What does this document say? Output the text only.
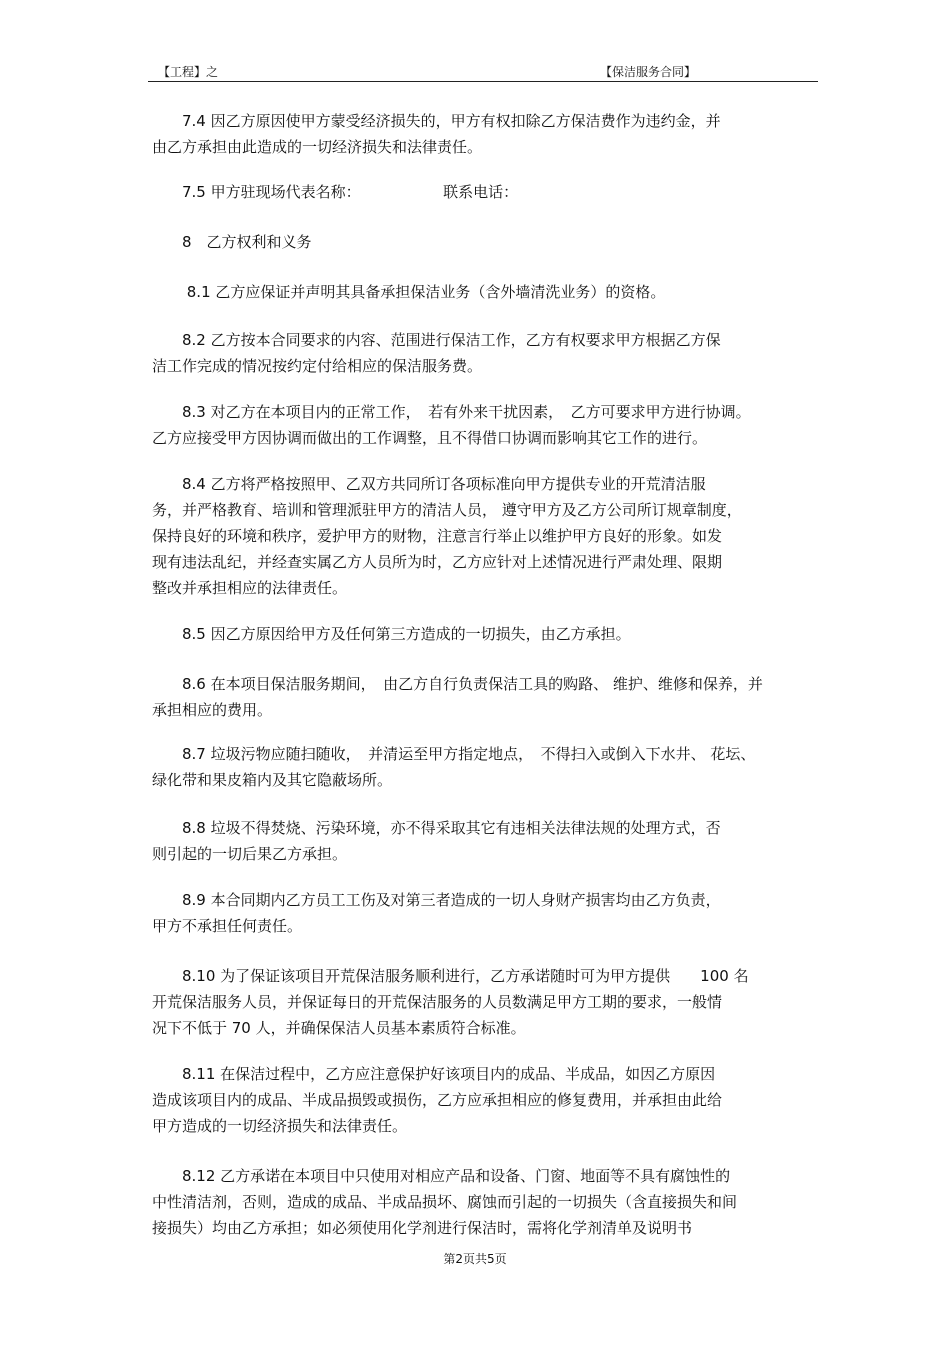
【工程】之	【保洁服务合同】
　　7.4 因乙方原因使甲方蒙受经济损失的，甲方有权扣除乙方保洁费作为违约金，并
由乙方承担由此造成的一切经济损失和法律责任。
　　7.5 甲方驻现场代表名称：　　　　　　联系电话：
　　8　乙方权利和义务
　　 8.1 乙方应保证并声明其具备承担保洁业务（含外墙清洗业务）的资格。
　　8.2 乙方按本合同要求的内容、范围进行保洁工作，乙方有权要求甲方根据乙方保
洁工作完成的情况按约定付给相应的保洁服务费。
　　8.3 对乙方在本项目内的正常工作，　若有外来干扰因素，　乙方可要求甲方进行协调。
乙方应接受甲方因协调而做出的工作调整，且不得借口协调而影响其它工作的进行。
　　8.4 乙方将严格按照甲、乙双方共同所订各项标准向甲方提供专业的开荒清洁服
务，并严格教育、培训和管理派驻甲方的清洁人员， 遵守甲方及乙方公司所订规章制度，
保持良好的环境和秩序，爱护甲方的财物，注意言行举止以维护甲方良好的形象。如发
现有违法乱纪，并经查实属乙方人员所为时，乙方应针对上述情况进行严肃处理、限期
整改并承担相应的法律责任。
　　8.5 因乙方原因给甲方及任何第三方造成的一切损失，由乙方承担。
　　8.6 在本项目保洁服务期间，　由乙方自行负责保洁工具的购路、 维护、维修和保养，并
承担相应的费用。
　　8.7 垃圾污物应随扫随收，　并清运至甲方指定地点，　不得扫入或倒入下水井、 花坛、
绿化带和果皮箱内及其它隐蔽场所。
　　8.8 垃圾不得焚烧、污染环境，亦不得采取其它有违相关法律法规的处理方式，否
则引起的一切后果乙方承担。
　　8.9 本合同期内乙方员工工伤及对第三者造成的一切人身财产损害均由乙方负责，
甲方不承担任何责任。
　　8.10 为了保证该项目开荒保洁服务顺利进行，乙方承诺随时可为甲方提供　　100 名
开荒保洁服务人员，并保证每日的开荒保洁服务的人员数满足甲方工期的要求，一般情
况下不低于 70 人，并确保保洁人员基本素质符合标准。
　　8.11 在保洁过程中，乙方应注意保护好该项目内的成品、半成品，如因乙方原因
造成该项目内的成品、半成品损毁或损伤，乙方应承担相应的修复费用，并承担由此给
甲方造成的一切经济损失和法律责任。
　　8.12 乙方承诺在本项目中只使用对相应产品和设备、门窗、地面等不具有腐蚀性的
中性清洁剂，否则，造成的成品、半成品损坏、腐蚀而引起的一切损失（含直接损失和间
接损失）均由乙方承担；如必须使用化学剂进行保洁时，需将化学剂清单及说明书
第2页共5页
